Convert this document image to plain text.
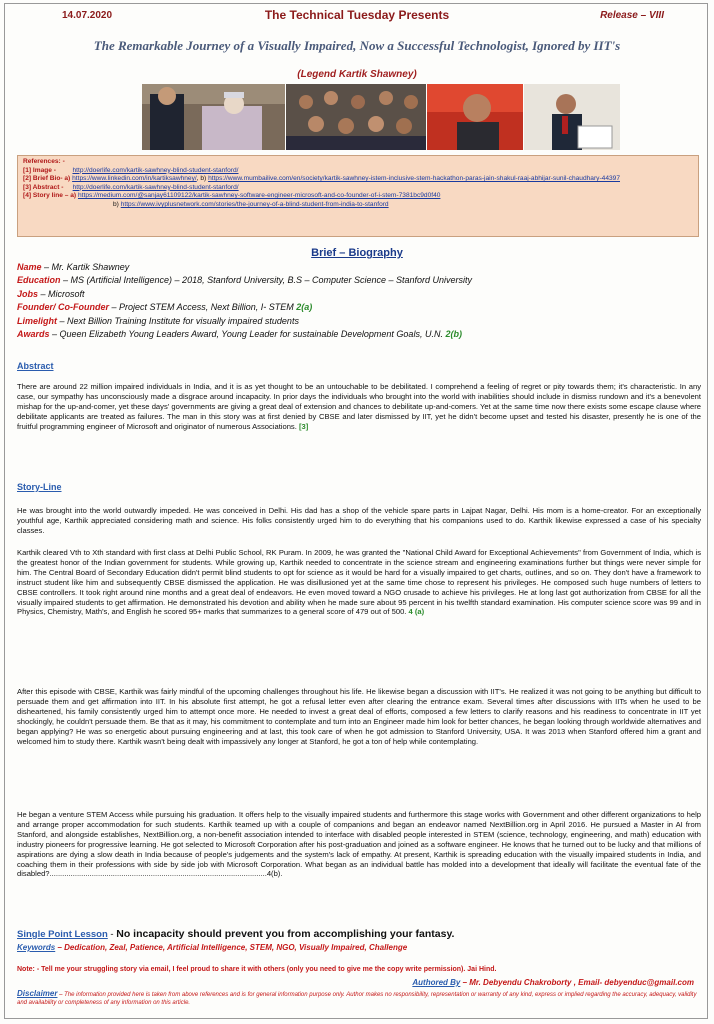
14.07.2020	The Technical Tuesday Presents	Release – VIII
The Remarkable Journey of a Visually Impaired, Now a Successful Technologist, Ignored by IIT's
(Legend Kartik Shawney)
References: -
[1] Image -	http://doerlife.com/kartik-sawhney-blind-student-stanford/
[2] Brief Bio- a) https://www.linkedin.com/in/kartiksawhney/, b) https://www.mumbailive.com/en/society/kartik-sawhney-istem-inclusive-stem-hackathon-paras-jain-shakul-raaj-abhijar-sunil-chaudhary-44397
[3] Abstract - http://doerlife.com/kartik-sawhney-blind-student-stanford/
[4] Story line – a) https://medium.com/@sanjay61109122/kartik-sawhney-software-engineer-microsoft-and-co-founder-of-i-stem-7381bc9d0f40
b) https://www.ivyplusnetwork.com/stories/the-journey-of-a-blind-student-from-india-to-stanford
Brief – Biography
Name – Mr. Kartik Shawney
Education – MS (Artificial Intelligence) – 2018, Stanford University, B.S – Computer Science – Stanford University
Jobs – Microsoft
Founder/ Co-Founder – Project STEM Access, Next Billion, I- STEM 2(a)
Limelight – Next Billion Training Institute for visually impaired students
Awards – Queen Elizabeth Young Leaders Award, Young Leader for sustainable Development Goals, U.N. 2(b)
Abstract
There are around 22 million impaired individuals in India, and it is as yet thought to be an untouchable to be debilitated. I comprehend a feeling of regret or pity towards them; it's characteristic. In any case, our sympathy has unconsciously made a disgrace around incapacity. In prior days the individuals who brought into the world with inabilities should include in dismiss rundown and it's a benevolent mishap for the up-and-comer, yet these days' governments are giving a great deal of extension and chances to debilitate up-and-comers. Yet at the same time now there exists some escape clause where debilitate applicants are treated as failures. The man in this story was at first denied by CBSE and later dismissed by IIT, yet he didn't become upset and tested his disaster, presently he is one of the fruitful programming engineer of Microsoft and originator of numerous Associations. [3]
Story-Line
He was brought into the world outwardly impeded. He was conceived in Delhi. His dad has a shop of the vehicle spare parts in Lajpat Nagar, Delhi. His mom is a home-creator. For an exceptionally youthful age, Karthik appreciated considering math and science. His folks consistently urged him to do everything that his companions used to do. Karthik likewise expressed a case of his specialty classes.
Karthik cleared Vth to Xth standard with first class at Delhi Public School, RK Puram. In 2009, he was granted the "National Child Award for Exceptional Achievements" from Government of India, which is the greatest honor of the Indian government for students. While growing up, Karthik needed to concentrate in the science stream and engineering examinations further but things were never simple for him. The Central Board of Secondary Education didn't permit blind students to opt for science as it would be hard for a visually impaired to get charts, outlines, and so on. They don't have a framework to instruct student like him and subsequently CBSE dismissed the application. He was disillusioned yet at the same time chose to represent his privileges. He composed such huge numbers of letters to CBSE controllers. It took right around nine months and a great deal of endeavors. He even moved toward a NGO crusade to achieve his privileges. He at long last got authorization from CBSE for all the visually impaired students to get affirmation. He demonstrated his devotion and ability when he made sure about 95 percent in his twelfth standard examination. His computer science score was 99 and in Physics, Chemistry, Math's, and English he scored 95+ marks that summarizes to a general score of 479 out of 500. 4 (a)
After this episode with CBSE, Karthik was fairly mindful of the upcoming challenges throughout his life. He likewise began a discussion with IIT's. He realized it was not going to be anything but difficult to persuade them and get affirmation into IIT. In his absolute first attempt, he got a refusal letter even after clearing the entrance exam. Several times after discussions with IITs when he used to be disheartened, his family consistently urged him to attempt once more. He needed to invest a great deal of efforts, composed a few letters to clarify reasons and his readiness to concentrate in IIT yet shockingly, he couldn't persuade them. Be that as it may, his commitment to contemplate and turn into an Engineer made him look for better chances, he began looking through worldwide alternatives and began applying? He was so energetic about pursuing engineering and at last, this took care of when he got admission to Stanford University, USA. It was 2013 when Stanford offered him a grant and welcomed him to study there. Karthik wasn't being dealt with impassively any longer at Stanford, he got a ton of help while contemplating.
He began a venture STEM Access while pursuing his graduation. It offers help to the visually impaired students and furthermore this stage works with Government and other different organizations to help and arrange proper accommodation for such students. Karthik teamed up with a couple of companions and began an endeavor named NextBillion.org in April 2016. He pursued a Master in AI from Stanford, and alongside establishes, NextBillion.org, a non-benefit association intended to interface with disabled people interested in STEM (science, technology, engineering, and math) education with industry pioneers for progressive learning. He got selected to Microsoft Corporation after his post-graduation and joined as a software engineer. He knows that he turned out to be lucky and that millions of aspirations are dying a slow death in India because of people's judgements and the system's lack of empathy. At present, Karthik is spreading education with the visually impaired students in India, and coaching them in their professions with side by side job with Microsoft Corporation. What began as an individual battle has molded into a development that ideally will facilitate the eventual fate of the disabled?.......................................................................................................4(b).
Single Point Lesson - No incapacity should prevent you from accomplishing your fantasy.
Keywords – Dedication, Zeal, Patience, Artificial Intelligence, STEM, NGO, Visually Impaired, Challenge
Note: - Tell me your struggling story via email, I feel proud to share it with others (only you need to give me the copy write permission). Jai Hind.
Authored By – Mr. Debyendu Chakroborty , Email- debyenduc@gmail.com
Disclaimer – The information provided here is taken from above references and is for general information purpose only. Author makes no responsibility, representation or warranty of any kind, express or implied regarding the accuracy, adequacy, validity and availability or completeness of any information on this article.
